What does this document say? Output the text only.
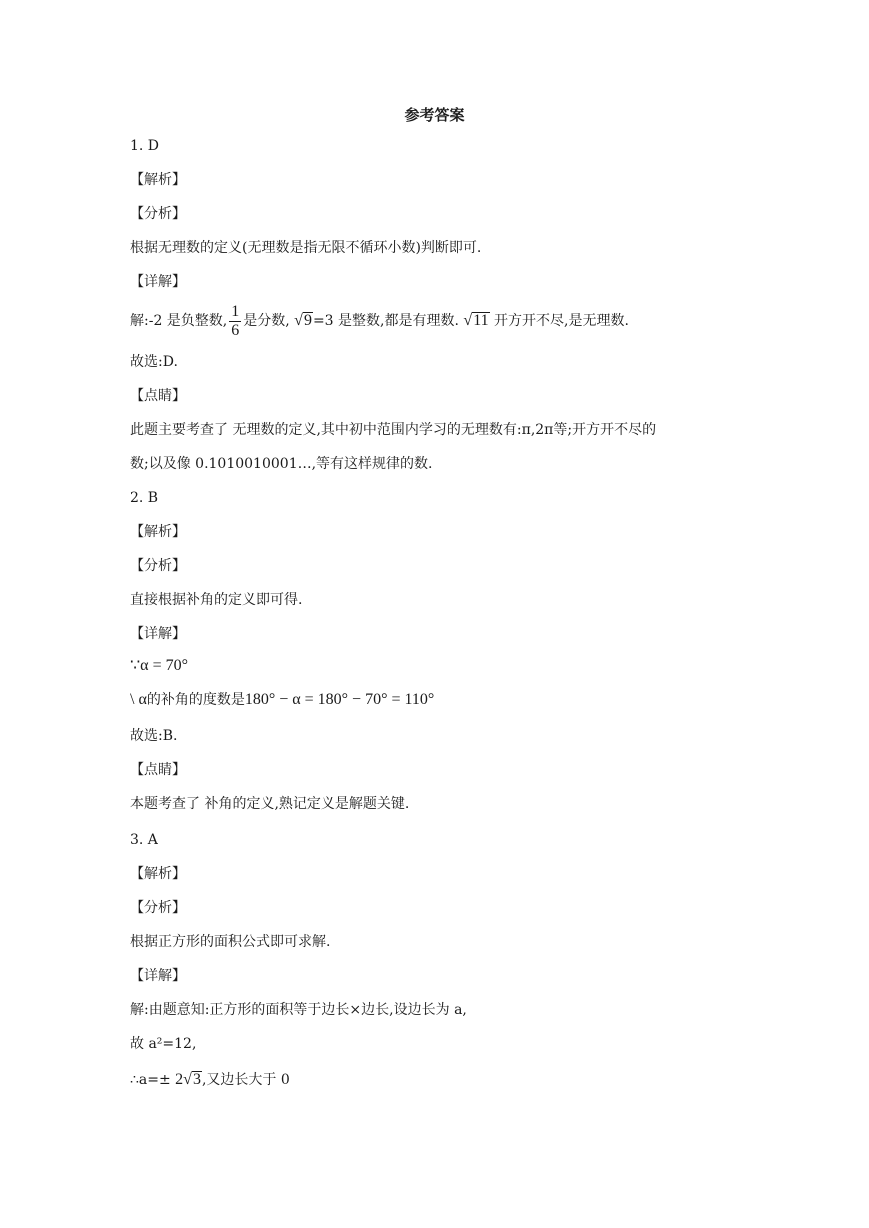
参考答案
1. D
【解析】
【分析】
根据无理数的定义(无理数是指无限不循环小数)判断即可.
【详解】
解:-2 是负整数, $\frac{1}{6}$ 是分数, √9=3 是整数,都是有理数. √11 开方开不尽,是无理数.
故选:D.
【点睛】
此题主要考查了 无理数的定义,其中初中范围内学习的无理数有:π,2π等;开方开不尽的
数;以及像 0.1010010001…,等有这样规律的数.
2. B
【解析】
【分析】
直接根据补角的定义即可得.
【详解】
∵α = 70°
\ α的补角的度数是180° − α = 180° − 70° = 110°
故选:B.
【点睛】
本题考查了 补角的定义,熟记定义是解题关键.
3. A
【解析】
【分析】
根据正方形的面积公式即可求解.
【详解】
解:由题意知:正方形的面积等于边长×边长,设边长为 a,
故 a²=12,
∴a=± 2√3,又边长大于 0
